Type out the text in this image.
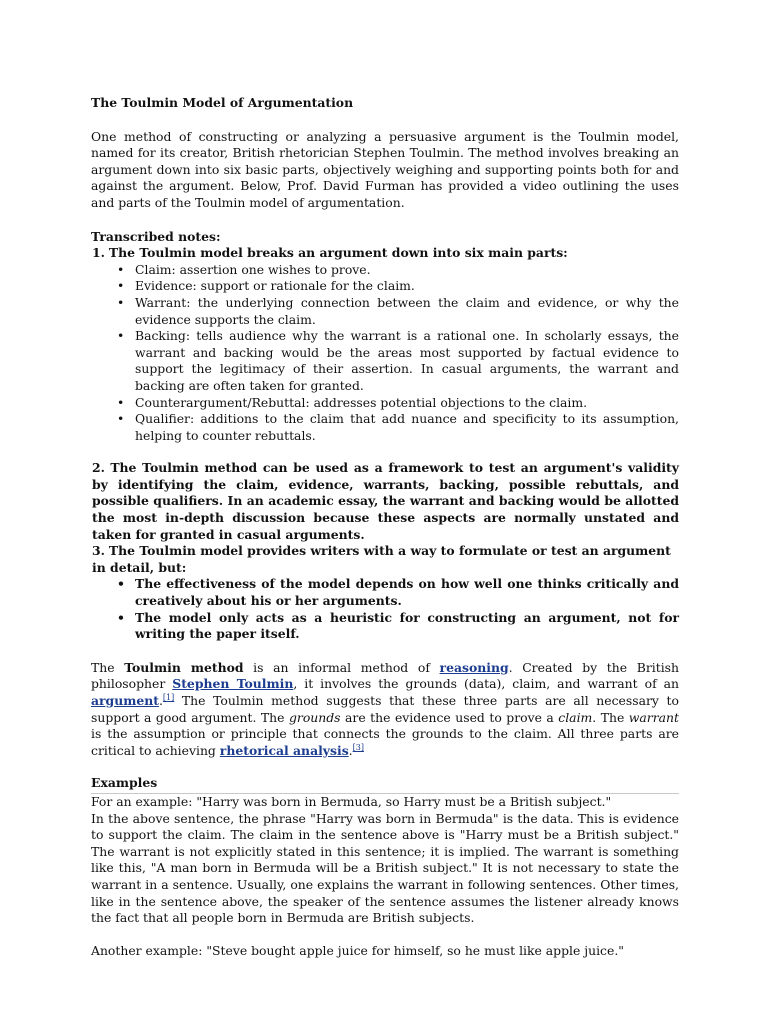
The Toulmin Model of Argumentation

One method of constructing or analyzing a persuasive argument is the Toulmin model, named for its creator, British rhetorician Stephen Toulmin. The method involves breaking an argument down into six basic parts, objectively weighing and supporting points both for and against the argument. Below, Prof. David Furman has provided a video outlining the uses and parts of the Toulmin model of argumentation.

Transcribed notes:
1. The Toulmin model breaks an argument down into six main parts:
• Claim: assertion one wishes to prove.
• Evidence: support or rationale for the claim.
• Warrant: the underlying connection between the claim and evidence, or why the evidence supports the claim.
• Backing: tells audience why the warrant is a rational one. In scholarly essays, the warrant and backing would be the areas most supported by factual evidence to support the legitimacy of their assertion. In casual arguments, the warrant and backing are often taken for granted.
• Counterargument/Rebuttal: addresses potential objections to the claim.
• Qualifier: additions to the claim that add nuance and specificity to its assumption, helping to counter rebuttals.

2. The Toulmin method can be used as a framework to test an argument's validity by identifying the claim, evidence, warrants, backing, possible rebuttals, and possible qualifiers. In an academic essay, the warrant and backing would be allotted the most in-depth discussion because these aspects are normally unstated and taken for granted in casual arguments.

3. The Toulmin model provides writers with a way to formulate or test an argument in detail, but:
• The effectiveness of the model depends on how well one thinks critically and creatively about his or her arguments.
• The model only acts as a heuristic for constructing an argument, not for writing the paper itself.

The Toulmin method is an informal method of reasoning. Created by the British philosopher Stephen Toulmin, it involves the grounds (data), claim, and warrant of an argument.[1] The Toulmin method suggests that these three parts are all necessary to support a good argument. The grounds are the evidence used to prove a claim. The warrant is the assumption or principle that connects the grounds to the claim. All three parts are critical to achieving rhetorical analysis.[3]

Examples

For an example: "Harry was born in Bermuda, so Harry must be a British subject."

In the above sentence, the phrase "Harry was born in Bermuda" is the data. This is evidence to support the claim. The claim in the sentence above is "Harry must be a British subject." The warrant is not explicitly stated in this sentence; it is implied. The warrant is something like this, "A man born in Bermuda will be a British subject." It is not necessary to state the warrant in a sentence. Usually, one explains the warrant in following sentences. Other times, like in the sentence above, the speaker of the sentence assumes the listener already knows the fact that all people born in Bermuda are British subjects.

Another example: "Steve bought apple juice for himself, so he must like apple juice."
